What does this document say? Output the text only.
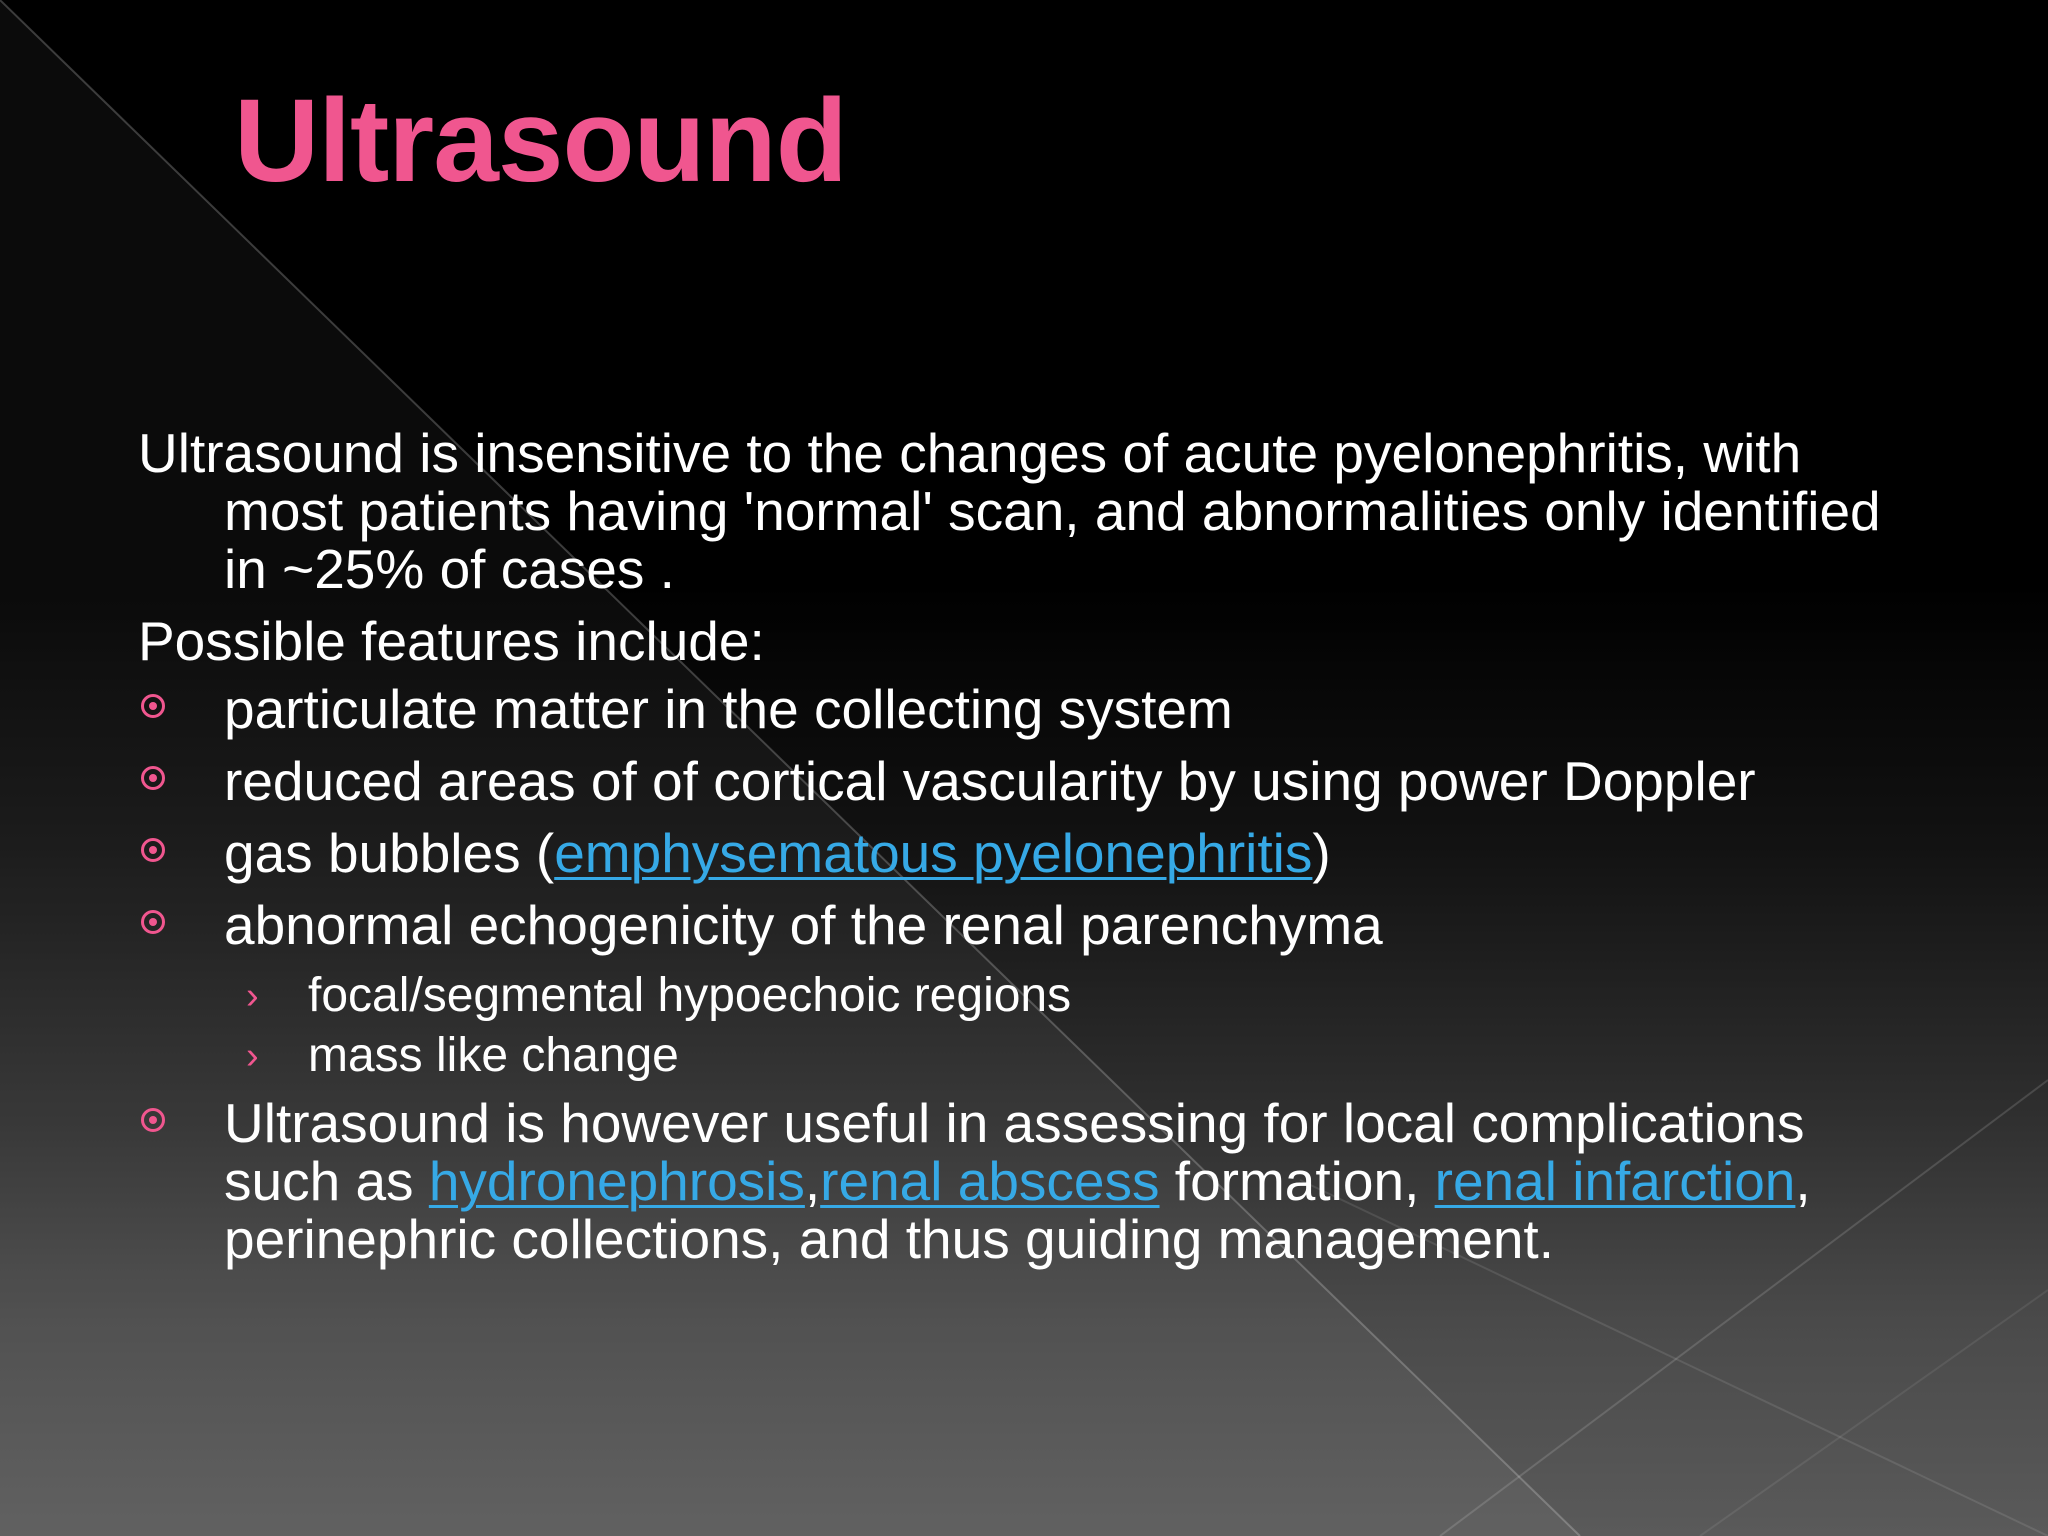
Ultrasound

Ultrasound is insensitive to the changes of acute pyelonephritis, with most patients having 'normal' scan, and abnormalities only identified in ~25% of cases .

Possible features include:

particulate matter in the collecting system
reduced areas of of cortical vascularity by using power Doppler
gas bubbles (emphysematous pyelonephritis)
abnormal echogenicity of the renal parenchyma
› focal/segmental hypoechoic regions
› mass like change
Ultrasound is however useful in assessing for local complications such as hydronephrosis,renal abscess formation, renal infarction, perinephric collections, and thus guiding management.
